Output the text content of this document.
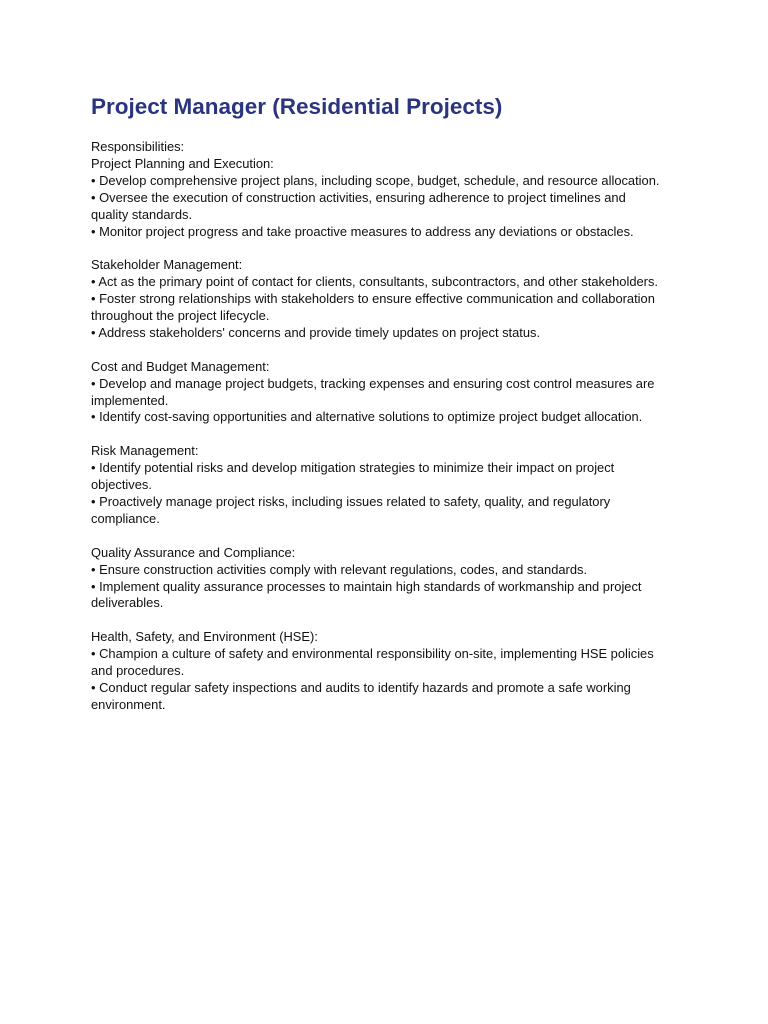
Project Manager (Residential Projects)
Responsibilities:
Project Planning and Execution:
• Develop comprehensive project plans, including scope, budget, schedule, and resource allocation.
• Oversee the execution of construction activities, ensuring adherence to project timelines and
quality standards.
• Monitor project progress and take proactive measures to address any deviations or obstacles.
Stakeholder Management:
• Act as the primary point of contact for clients, consultants, subcontractors, and other stakeholders.
• Foster strong relationships with stakeholders to ensure effective communication and collaboration
throughout the project lifecycle.
• Address stakeholders' concerns and provide timely updates on project status.
Cost and Budget Management:
• Develop and manage project budgets, tracking expenses and ensuring cost control measures are
implemented.
• Identify cost-saving opportunities and alternative solutions to optimize project budget allocation.
Risk Management:
• Identify potential risks and develop mitigation strategies to minimize their impact on project
objectives.
• Proactively manage project risks, including issues related to safety, quality, and regulatory
compliance.
Quality Assurance and Compliance:
• Ensure construction activities comply with relevant regulations, codes, and standards.
• Implement quality assurance processes to maintain high standards of workmanship and project
deliverables.
Health, Safety, and Environment (HSE):
• Champion a culture of safety and environmental responsibility on-site, implementing HSE policies
and procedures.
• Conduct regular safety inspections and audits to identify hazards and promote a safe working
environment.
